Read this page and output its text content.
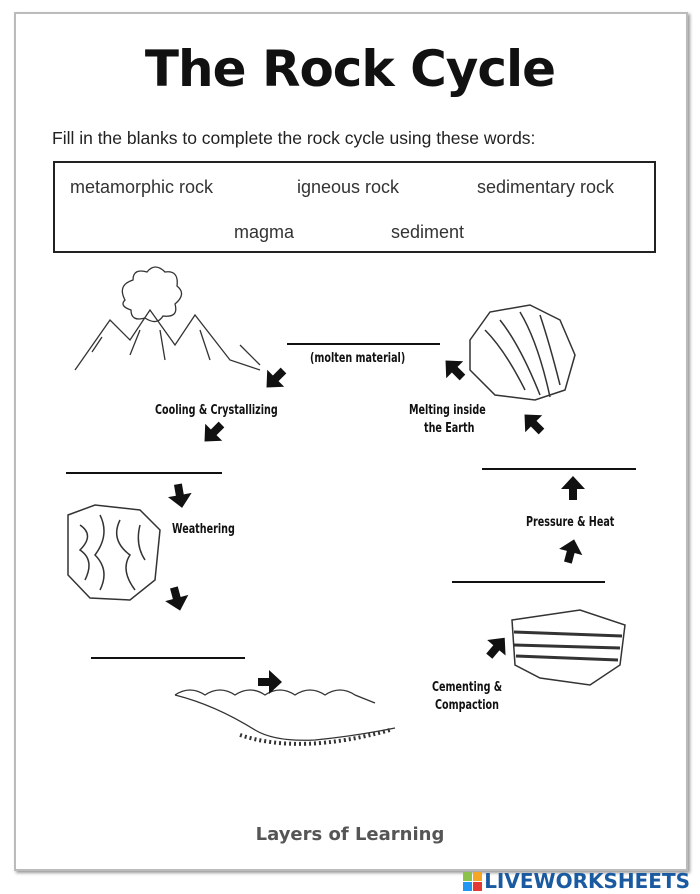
The Rock Cycle
Fill in the blanks to complete the rock cycle using these words:
metamorphic rock	igneous rock	sedimentary rock
magma	sediment
(molten material)
Cooling & Crystallizing	Melting inside
the Earth
Weathering	Pressure & Heat
Cementing &
Compaction
Layers of Learning
LIVEWORKSHEETS
